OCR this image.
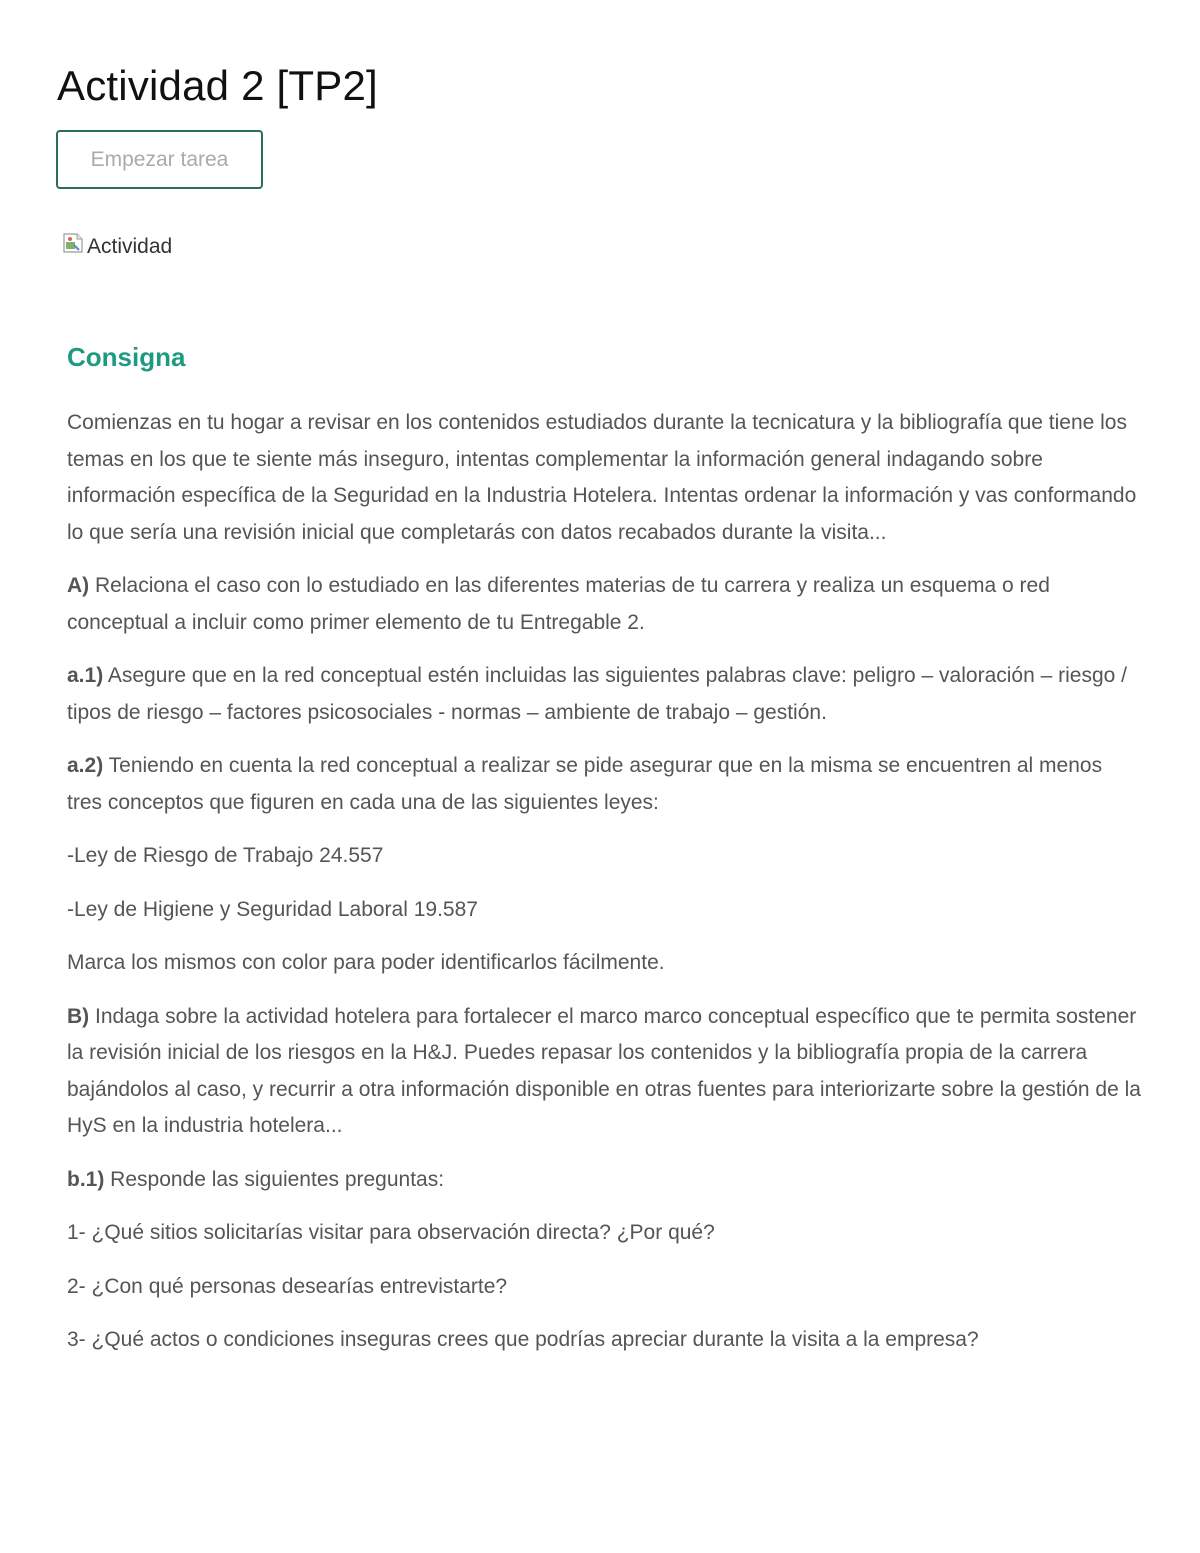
Actividad 2 [TP2]
Empezar tarea
Actividad
Consigna

Comienzas en tu hogar a revisar en los contenidos estudiados durante la tecnicatura y la bibliografía que tiene los temas en los que te siente más inseguro, intentas complementar la información general indagando sobre información específica de la Seguridad en la Industria Hotelera. Intentas ordenar la información y vas conformando lo que sería una revisión inicial que completarás con datos recabados durante la visita...

A) Relaciona el caso con lo estudiado en las diferentes materias de tu carrera y realiza un esquema o red conceptual a incluir como primer elemento de tu Entregable 2.

a.1) Asegure que en la red conceptual estén incluidas las siguientes palabras clave: peligro – valoración – riesgo / tipos de riesgo – factores psicosociales - normas – ambiente de trabajo – gestión.

a.2) Teniendo en cuenta la red conceptual a realizar se pide asegurar que en la misma se encuentren al menos tres conceptos que figuren en cada una de las siguientes leyes:

-Ley de Riesgo de Trabajo 24.557

-Ley de Higiene y Seguridad Laboral 19.587

Marca los mismos con color para poder identificarlos fácilmente.

B) Indaga sobre la actividad hotelera para fortalecer el marco marco conceptual específico que te permita sostener la revisión inicial de los riesgos en la H&J. Puedes repasar los contenidos y la bibliografía propia de la carrera bajándolos al caso, y recurrir a otra información disponible en otras fuentes para interiorizarte sobre la gestión de la HyS en la industria hotelera...

b.1) Responde las siguientes preguntas:

1- ¿Qué sitios solicitarías visitar para observación directa? ¿Por qué?

2- ¿Con qué personas desearías entrevistarte?

3- ¿Qué actos o condiciones inseguras crees que podrías apreciar durante la visita a la empresa?
